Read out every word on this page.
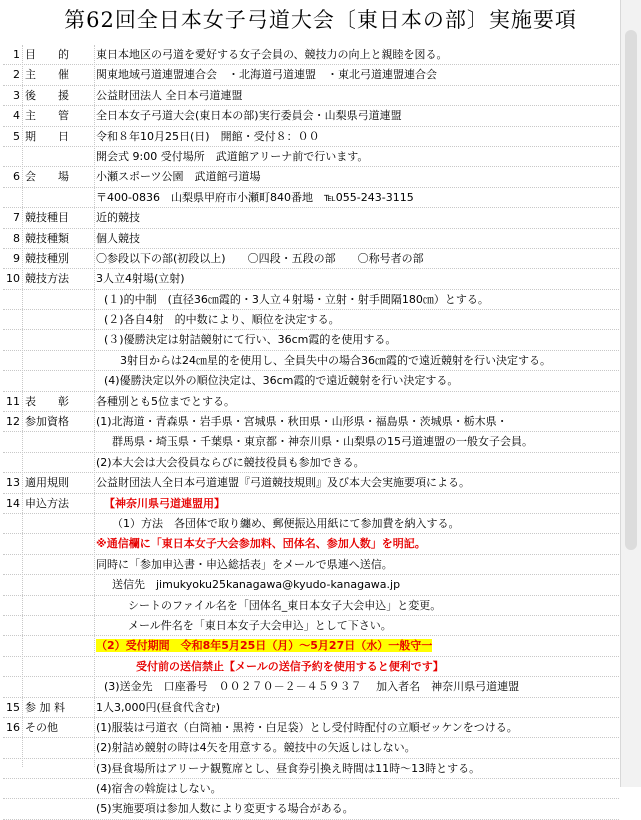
第62回全日本女子弓道大会〔東日本の部〕実施要項
1 目　　的	東日本地区の弓道を愛好する女子会員の、競技力の向上と親睦を図る。
2 主　　催	関東地域弓道連盟連合会　・北海道弓道連盟　・東北弓道連盟連合会
3 後　　援	公益財団法人 全日本弓道連盟
4 主　　管	全日本女子弓道大会(東日本の部)実行委員会・山梨県弓道連盟
5 期　　日	令和８年10月25日(日)　開館・受付８：００
開会式 9:00 受付場所　武道館アリーナ前で行います。
6 会　　場	小瀬スポーツ公園　武道館弓道場
〒400-0836　山梨県甲府市小瀬町840番地　℡055-243-3115
7 競技種目	近的競技
8 競技種類	個人競技
9 競技種別	〇参段以下の部(初段以上)　　〇四段・五段の部　　〇称号者の部
10 競技方法	3人立4射場(立射)
(１)的中制　(直径36㎝霞的・3人立４射場・立射・射手間隔180㎝）とする。
(２)各自4射　的中数により、順位を決定する。
(３)優勝決定は射詰競射にて行い、36cm霞的を使用する。
3射目からは24㎝星的を使用し、全員失中の場合36㎝霞的で遠近競射を行い決定する。
(4)優勝決定以外の順位決定は、36cm霞的で遠近競射を行い決定する。
11 表　　彰	各種別とも5位までとする。
12 参加資格	(1)北海道・青森県・岩手県・宮城県・秋田県・山形県・福島県・茨城県・栃木県・
群馬県・埼玉県・千葉県・東京都・神奈川県・山梨県の15弓道連盟の一般女子会員。
(2)本大会は大会役員ならびに競技役員も参加できる。
13 適用規則	公益財団法人全日本弓道連盟『弓道競技規則』及び本大会実施要項による。
14 申込方法	【神奈川県弓道連盟用】
（1）方法　各団体で取り纏め、郵便振込用紙にて参加費を納入する。
※通信欄に「東日本女子大会参加料、団体名、参加人数」を明記。
同時に「参加申込書・申込総括表」をメールで県連へ送信。
送信先　jimukyoku25kanagawa@kyudo-kanagawa.jp
シートのファイル名を「団体名_東日本女子大会申込」と変更。
メール件名を「東日本女子大会申込」として下さい。
（2）受付期間　令和8年5月25日（月）～5月27日（水）一般守一
受付前の送信禁止【メールの送信予約を使用すると便利です】
(3)送金先　口座番号　００２７０－２－４５９３７　 加入者名　神奈川県弓道連盟
15 参 加 料	1人3,000円(昼食代含む)
16 その他	(1)服装は弓道衣（白筒袖・黒袴・白足袋）とし受付時配付の立順ゼッケンをつける。
(2)射詰め競射の時は4矢を用意する。競技中の矢返しはしない。
(3)昼食場所はアリーナ観覧席とし、昼食券引換え時間は11時～13時とする。
(4)宿舎の斡旋はしない。
(5)実施要項は参加人数により変更する場合がある。
